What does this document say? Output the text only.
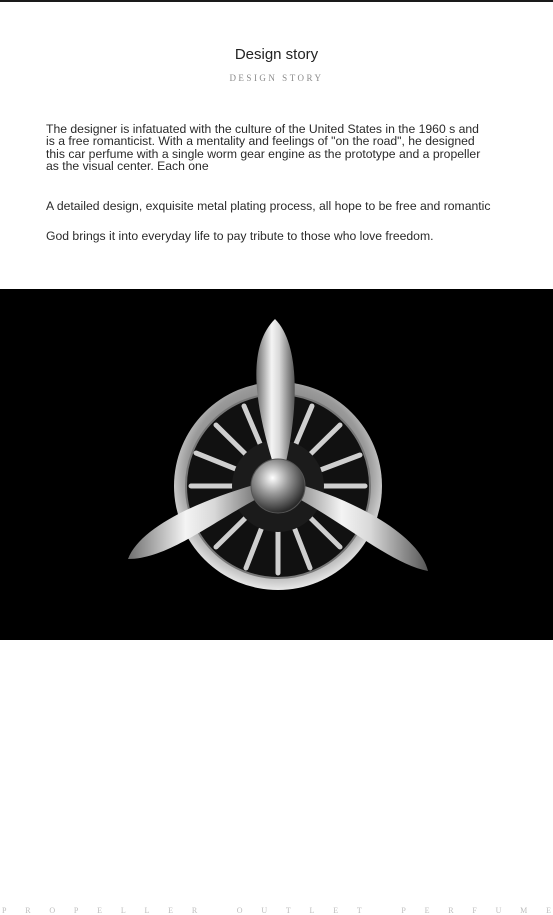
Design story
DESIGN STORY
The designer is infatuated with the culture of the United States in the 1960 s and
is a free romanticist. With a mentality and feelings of "on the road", he designed
this car perfume with a single worm gear engine as the prototype and a propeller
as the visual center. Each one
A detailed design, exquisite metal plating process, all hope to be free and romantic
God brings it into everyday life to pay tribute to those who love freedom.
P R O P E L L E R
	O U T L E T
	P E R F U M E
